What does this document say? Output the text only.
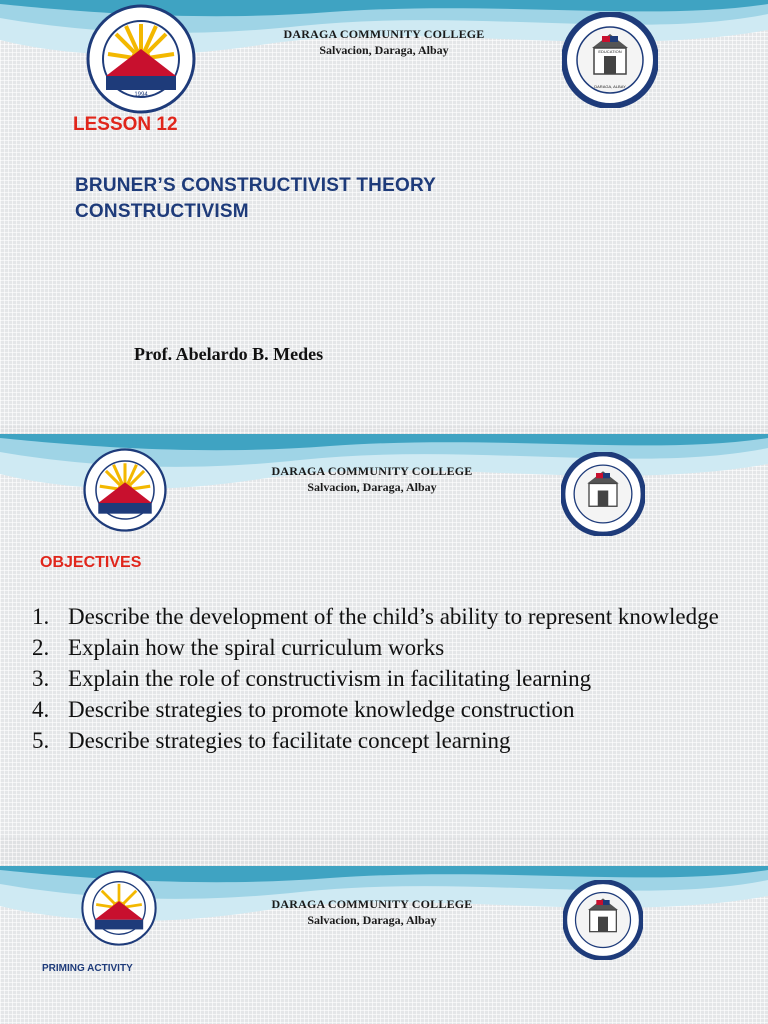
1994
DARAGA COMMUNITY COLLEGE
Salvacion, Daraga, Albay	EDUCATION
DARAGA, ALBAY
LESSON 12
BRUNER’S CONSTRUCTIVIST THEORY
CONSTRUCTIVISM
Prof. Abelardo B. Medes
DARAGA COMMUNITY COLLEGE
Salvacion, Daraga, Albay
OBJECTIVES
1. Describe the development of the child’s ability to represent knowledge
2. Explain how the spiral curriculum works
3. Explain the role of constructivism in facilitating learning
4. Describe strategies to promote knowledge construction
5. Describe strategies to facilitate concept learning
DARAGA COMMUNITY COLLEGE
Salvacion, Daraga, Albay
PRIMING ACTIVITY
